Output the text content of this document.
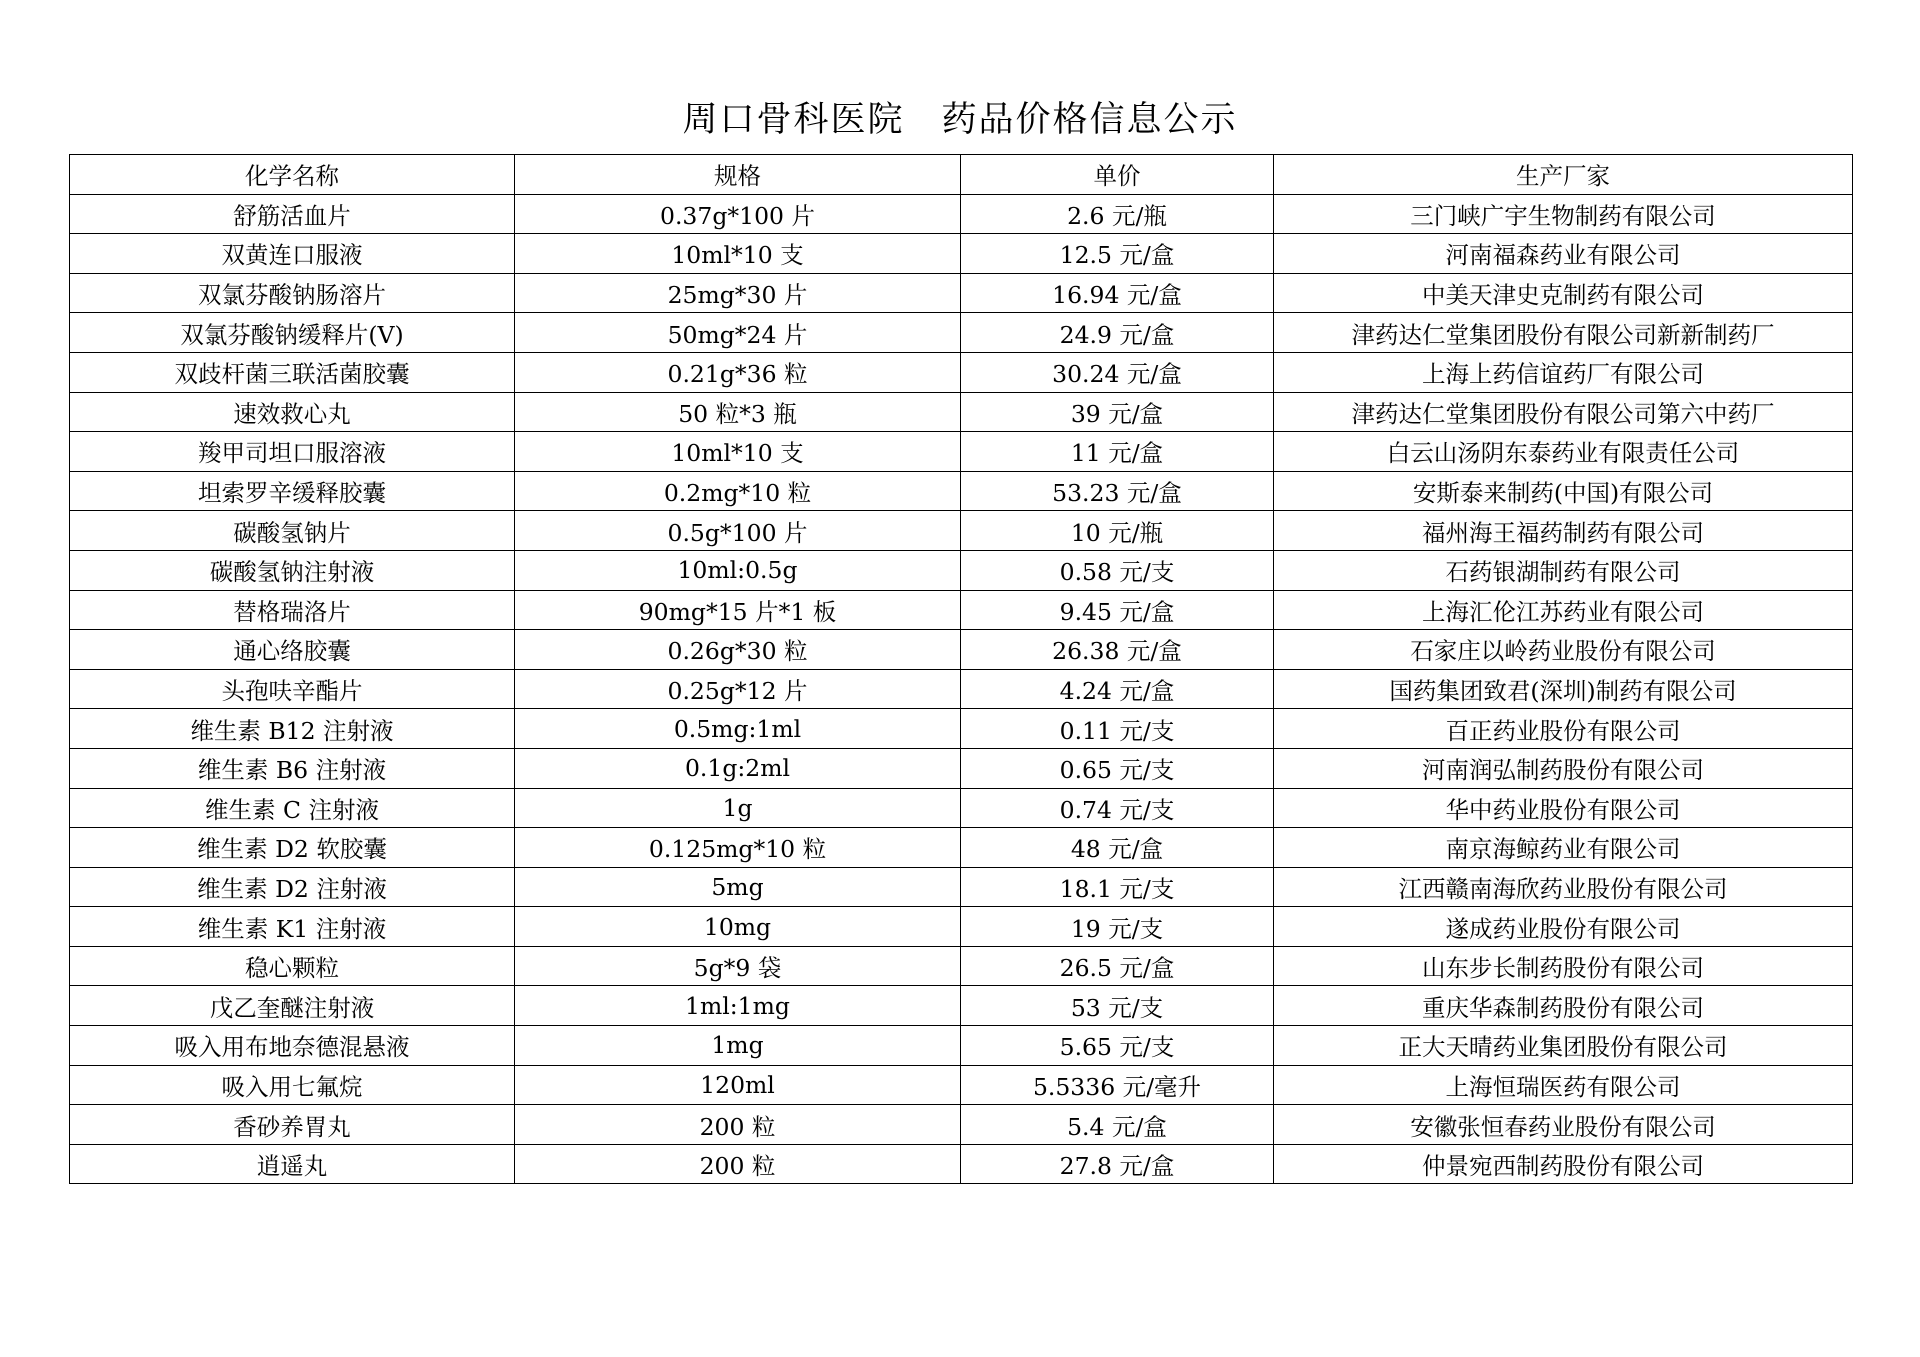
周口骨科医院　药品价格信息公示
化学名称	规格	单价	生产厂家
舒筋活血片	0.37g*100 片	2.6 元/瓶	三门峡广宇生物制药有限公司
双黄连口服液	10ml*10 支	12.5 元/盒	河南福森药业有限公司
双氯芬酸钠肠溶片	25mg*30 片	16.94 元/盒	中美天津史克制药有限公司
双氯芬酸钠缓释片(Ⅴ)	50mg*24 片	24.9 元/盒	津药达仁堂集团股份有限公司新新制药厂
双歧杆菌三联活菌胶囊	0.21g*36 粒	30.24 元/盒	上海上药信谊药厂有限公司
速效救心丸	50 粒*3 瓶	39 元/盒	津药达仁堂集团股份有限公司第六中药厂
羧甲司坦口服溶液	10ml*10 支	11 元/盒	白云山汤阴东泰药业有限责任公司
坦索罗辛缓释胶囊	0.2mg*10 粒	53.23 元/盒	安斯泰来制药(中国)有限公司
碳酸氢钠片	0.5g*100 片	10 元/瓶	福州海王福药制药有限公司
碳酸氢钠注射液	10ml:0.5g	0.58 元/支	石药银湖制药有限公司
替格瑞洛片	90mg*15 片*1 板	9.45 元/盒	上海汇伦江苏药业有限公司
通心络胶囊	0.26g*30 粒	26.38 元/盒	石家庄以岭药业股份有限公司
头孢呋辛酯片	0.25g*12 片	4.24 元/盒	国药集团致君(深圳)制药有限公司
维生素 B12 注射液	0.5mg:1ml	0.11 元/支	百正药业股份有限公司
维生素 B6 注射液	0.1g:2ml	0.65 元/支	河南润弘制药股份有限公司
维生素 C 注射液	1g	0.74 元/支	华中药业股份有限公司
维生素 D2 软胶囊	0.125mg*10 粒	48 元/盒	南京海鲸药业有限公司
维生素 D2 注射液	5mg	18.1 元/支	江西赣南海欣药业股份有限公司
维生素 K1 注射液	10mg	19 元/支	遂成药业股份有限公司
稳心颗粒	5g*9 袋	26.5 元/盒	山东步长制药股份有限公司
戊乙奎醚注射液	1ml:1mg	53 元/支	重庆华森制药股份有限公司
吸入用布地奈德混悬液	1mg	5.65 元/支	正大天晴药业集团股份有限公司
吸入用七氟烷	120ml	5.5336 元/毫升	上海恒瑞医药有限公司
香砂养胃丸	200 粒	5.4 元/盒	安徽张恒春药业股份有限公司
逍遥丸	200 粒	27.8 元/盒	仲景宛西制药股份有限公司
